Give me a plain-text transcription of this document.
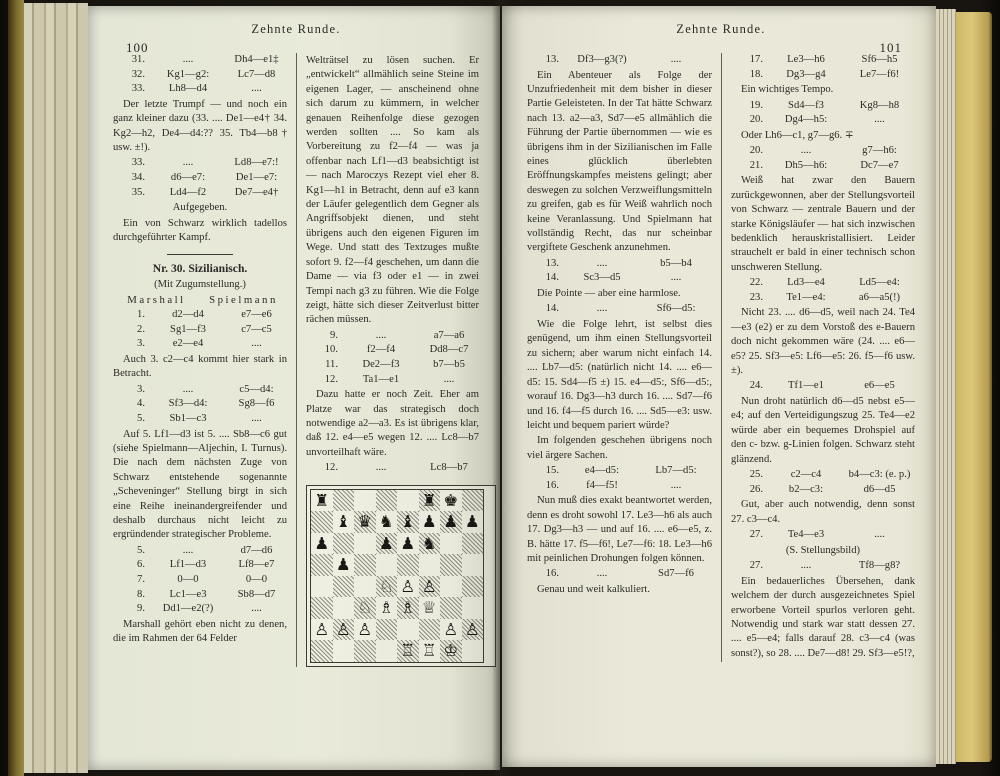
Zehnte Runde.
100
31.	....	Dh4—e1‡
32.	Kg1—g2:	Lc7—d8
33.	Lh8—d4	....

Der letzte Trumpf — und noch ein ganz kleiner dazu (33. .... De1—e4† 34. Kg2—h2, De4—d4:?? 35. Tb4—b8† usw. ±!).

33.	....	Ld8—e7:!
34.	d6—e7:	De1—e7:
35.	Ld4—f2	De7—e4†
Aufgegeben.

Ein von Schwarz wirklich tadellos durchgeführter Kampf.

Nr. 30. Sizilianisch.
(Mit Zugumstellung.)
Marshall	Spielmann
1.	d2—d4	e7—e6
2.	Sg1—f3	c7—c5
3.	e2—e4	....

Auch 3. c2—c4 kommt hier stark in Betracht.

3.	....	c5—d4:
4.	Sf3—d4:	Sg8—f6
5.	Sb1—c3	....

Auf 5. Lf1—d3 ist 5. .... Sb8—c6 gut (siehe Spielmann—Aljechin, I. Turnus). Die nach dem nächsten Zuge von Schwarz entstehende sogenannte „Scheveninger“ Stellung birgt in sich eine Reihe ineinandergreifender und deshalb durchaus nicht leicht zu ergründender strategischer Probleme.

5.	....	d7—d6
6.	Lf1—d3	Lf8—e7
7.	0—0	0—0
8.	Lc1—e3	Sb8—d7
9.	Dd1—e2(?)	....

Marshall gehört eben nicht zu denen, die im Rahmen der 64 Felder

Welträtsel zu lösen suchen. Er „entwickelt“ allmählich seine Steine im eigenen Lager, — anscheinend ohne sich darum zu kümmern, in welcher genauen Reihenfolge diese gezogen werden sollten .... So kam als Vorbereitung zu f2—f4 — was ja offenbar nach Lf1—d3 beabsichtigt ist — nach Maroczys Rezept viel eher 8. Kg1—h1 in Betracht, denn auf e3 kann der Läufer gelegentlich dem Gegner als Angriffsobjekt dienen, und steht übrigens auch den eigenen Figuren im Wege. Und statt des Textzuges mußte sofort 9. f2—f4 geschehen, um dann die Dame — via f3 oder e1 — in zwei Tempi nach g3 zu führen. Wie die Folge zeigt, hätte sich dieser Zeitverlust bitter rächen müssen.

9.	....	a7—a6
10.	f2—f4	Dd8—c7
11.	De2—f3	b7—b5
12.	Ta1—e1	....

Dazu hatte er noch Zeit. Eher am Platze war das strategisch doch notwendige a2—a3. Es ist übrigens klar, daß 12. e4—e5 wegen 12. .... Lc8—b7 unvorteilhaft wäre.

12.	....	Lc8—b7
♜	♜ ♚
♝ ♛ ♞ ♝ ♟ ♟ ♟
♟	♟ ♟ ♞
♟
♘ ♙ ♙
♘ ♗ ♗ ♕
♙ ♙ ♙	♙ ♙
♖ ♖ ♔
Zehnte Runde.
101
13.	Df3—g3(?)	....

Ein Abenteuer als Folge der Unzufriedenheit mit dem bisher in dieser Partie Geleisteten. In der Tat hätte Schwarz nach 13. a2—a3, Sd7—e5 allmählich die Führung der Partie übernommen — wie es übrigens ihm in der Sizilianischen im Falle eines glücklich überlebten Eröffnungskampfes meistens gelingt; aber deswegen zu solchen Verzweiflungsmitteln zu greifen, gab es für Weiß wahrlich noch keine Veranlassung. Und Spielmann hat vollständig Recht, das nur scheinbar vergiftete Geschenk anzunehmen.

13.	....	b5—b4
14.	Sc3—d5	....

Die Pointe — aber eine harmlose.

14.	....	Sf6—d5:

Wie die Folge lehrt, ist selbst dies genügend, um ihm einen Stellungsvorteil zu sichern; aber warum nicht einfach 14. .... Lb7—d5: (natürlich nicht 14. .... e6—d5: 15. Sd4—f5 ±) 15. e4—d5:, Sf6—d5:, worauf 16. Dg3—h3 durch 16. .... Sd7—f6 und 16. f4—f5 durch 16. .... Sd5—e3: usw. leicht und bequem pariert würde?

Im folgenden geschehen übrigens noch viel ärgere Sachen.

15.	e4—d5:	Lb7—d5:
16.	f4—f5!	....

Nun muß dies exakt beantwortet werden, denn es droht sowohl 17. Le3—h6 als auch 17. Dg3—h3 — und auf 16. .... e6—e5, z. B. hätte 17. f5—f6!, Le7—f6: 18. Le3—h6 mit peinlichen Drohungen folgen können.

16.	....	Sd7—f6

Genau und weit kalkuliert.

17.	Le3—h6	Sf6—h5
18.	Dg3—g4	Le7—f6!

Ein wichtiges Tempo.

19.	Sd4—f3	Kg8—h8
20.	Dg4—h5:	....

Oder Lh6—c1, g7—g6. ∓

20.	....	g7—h6:
21.	Dh5—h6:	Dc7—e7

Weiß hat zwar den Bauern zurückgewonnen, aber der Stellungsvorteil von Schwarz — zentrale Bauern und der starke Königsläufer — hat sich inzwischen bedenklich herauskristallisiert. Leider strauchelt er bald in einer technisch schon unschweren Stellung.

22.	Ld3—e4	Ld5—e4:
23.	Te1—e4:	a6—a5(!)

Nicht 23. .... d6—d5, weil nach 24. Te4—e3 (e2) er zu dem Vorstoß des e-Bauern doch nicht gekommen wäre (24. .... e6—e5? 25. Sf3—e5: Lf6—e5: 26. f5—f6 usw. ±).

24.	Tf1—e1	e6—e5

Nun droht natürlich d6—d5 nebst e5—e4; auf den Verteidigungszug 25. Te4—e2 würde aber ein bequemes Drohspiel auf den c- bzw. g-Linien folgen. Schwarz steht glänzend.

25.	c2—c4	b4—c3: (e. p.)
26.	b2—c3:	d6—d5

Gut, aber auch notwendig, denn sonst 27. c3—c4.

27.	Te4—e3	....
(S. Stellungsbild)
27.	....	Tf8—g8?

Ein bedauerliches Übersehen, dank welchem der durch ausgezeichnetes Spiel erworbene Vorteil spurlos verloren geht. Notwendig und stark war statt dessen 27. .... e5—e4; falls darauf 28. c3—c4 (was sonst?), so 28. .... De7—d8! 29. Sf3—e5!?,
